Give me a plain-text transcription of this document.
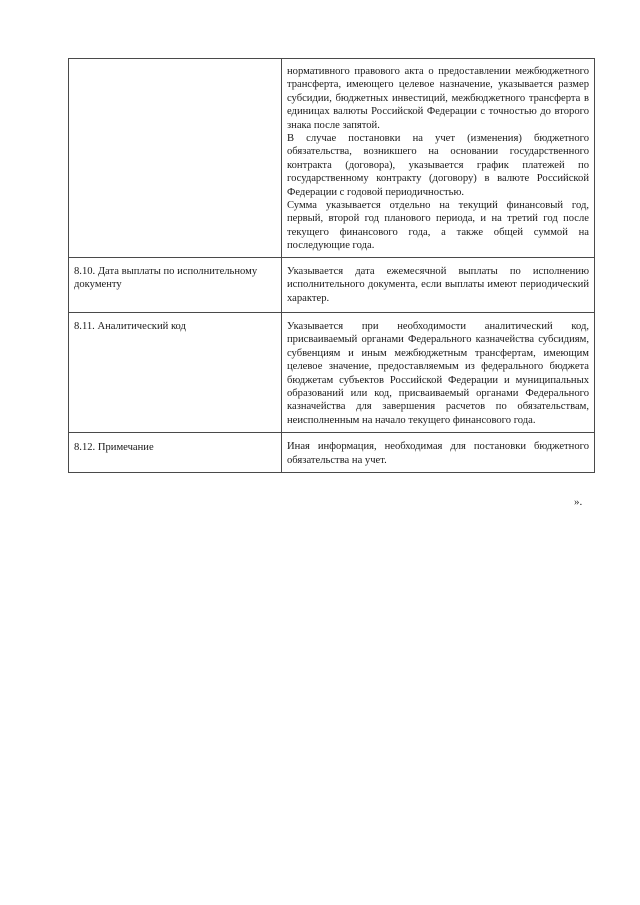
	нормативного правового акта о предоставлении межбюджетного трансферта, имеющего целевое назначение, указывается размер субсидии, бюджетных инвестиций, межбюджетного трансферта в единицах валюты Российской Федерации с точностью до второго знака после запятой.
В случае постановки на учет (изменения) бюджетного обязательства, возникшего на основании государственного контракта (договора), указывается график платежей по государственному контракту (договору) в валюте Российской Федерации с годовой периодичностью.
Сумма указывается отдельно на текущий финансовый год, первый, второй год планового периода, и на третий год после текущего финансового года, а также общей суммой на последующие года.

8.10. Дата выплаты по исполнительному документу	Указывается дата ежемесячной выплаты по исполнению исполнительного документа, если выплаты имеют периодический характер.

8.11. Аналитический код	Указывается при необходимости аналитический код, присваиваемый органами Федерального казначейства субсидиям, субвенциям и иным межбюджетным трансфертам, имеющим целевое значение, предоставляемым из федерального бюджета бюджетам субъектов Российской Федерации и муниципальных образований или код, присваиваемый органами Федерального казначейства для завершения расчетов по обязательствам, неисполненным на начало текущего финансового года.

8.12. Примечание	Иная информация, необходимая для постановки бюджетного обязательства на учет.
».
